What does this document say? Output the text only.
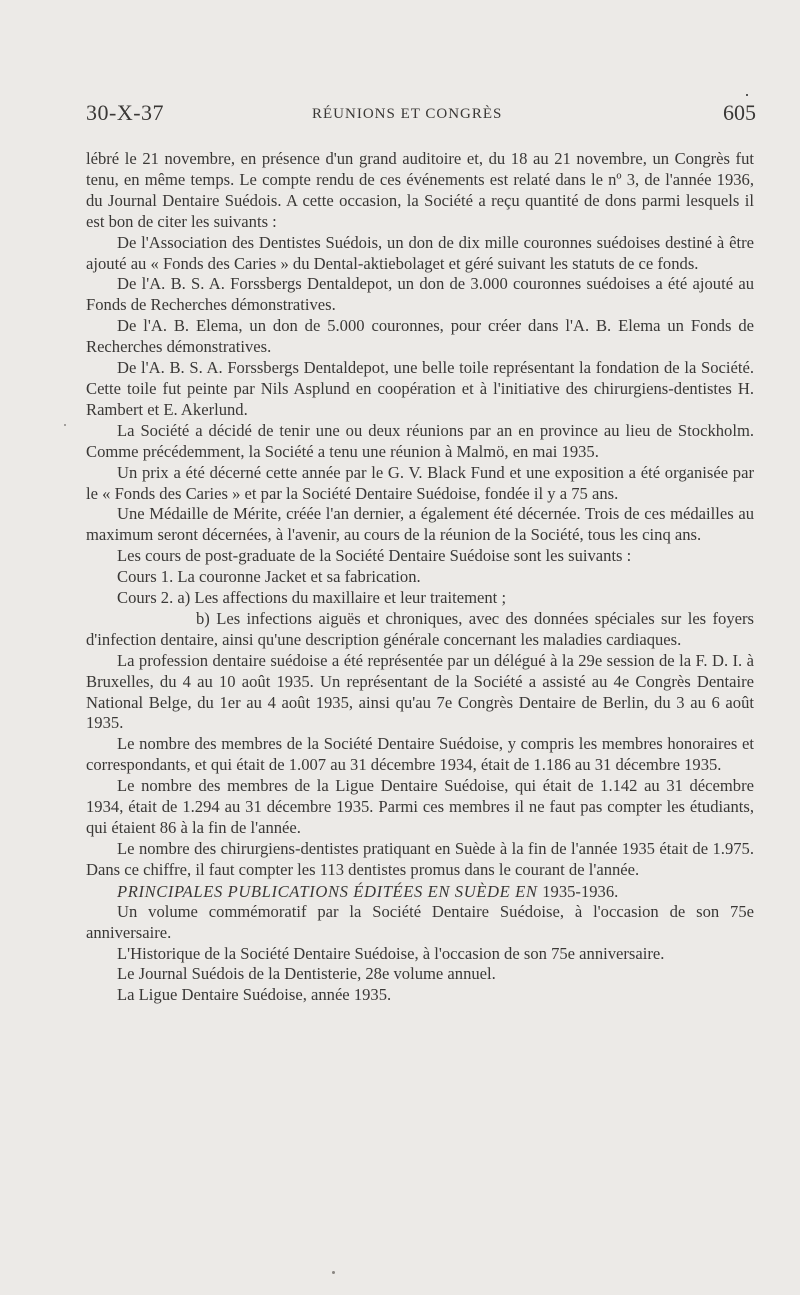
30-X-37	RÉUNIONS ET CONGRÈS	605

lébré le 21 novembre, en présence d'un grand auditoire et, du 18 au 21 novembre, un Congrès fut tenu, en même temps. Le compte rendu de ces événements est relaté dans le nº 3, de l'année 1936, du Journal Dentaire Suédois. A cette occasion, la Société a reçu quantité de dons parmi lesquels il est bon de citer les suivants :

De l'Association des Dentistes Suédois, un don de dix mille couronnes suédoises destiné à être ajouté au « Fonds des Caries » du Dental-aktiebolaget et géré suivant les statuts de ce fonds.

De l'A. B. S. A. Forssbergs Dentaldepot, un don de 3.000 couronnes suédoises a été ajouté au Fonds de Recherches démonstratives.

De l'A. B. Elema, un don de 5.000 couronnes, pour créer dans l'A. B. Elema un Fonds de Recherches démonstratives.

De l'A. B. S. A. Forssbergs Dentaldepot, une belle toile représentant la fondation de la Société. Cette toile fut peinte par Nils Asplund en coopération et à l'initiative des chirurgiens-dentistes H. Rambert et E. Akerlund.

La Société a décidé de tenir une ou deux réunions par an en province au lieu de Stockholm. Comme précédemment, la Société a tenu une réunion à Malmö, en mai 1935.

Un prix a été décerné cette année par le G. V. Black Fund et une exposition a été organisée par le « Fonds des Caries » et par la Société Dentaire Suédoise, fondée il y a 75 ans.

Une Médaille de Mérite, créée l'an dernier, a également été décernée. Trois de ces médailles au maximum seront décernées, à l'avenir, au cours de la réunion de la Société, tous les cinq ans.

Les cours de post-graduate de la Société Dentaire Suédoise sont les suivants :

Cours 1. La couronne Jacket et sa fabrication.

Cours 2. a) Les affections du maxillaire et leur traitement ;

b) Les infections aiguës et chroniques, avec des données spéciales sur les foyers d'infection dentaire, ainsi qu'une description générale concernant les maladies cardiaques.

La profession dentaire suédoise a été représentée par un délégué à la 29e session de la F. D. I. à Bruxelles, du 4 au 10 août 1935. Un représentant de la Société a assisté au 4e Congrès Dentaire National Belge, du 1er au 4 août 1935, ainsi qu'au 7e Congrès Dentaire de Berlin, du 3 au 6 août 1935.

Le nombre des membres de la Société Dentaire Suédoise, y compris les membres honoraires et correspondants, et qui était de 1.007 au 31 décembre 1934, était de 1.186 au 31 décembre 1935.

Le nombre des membres de la Ligue Dentaire Suédoise, qui était de 1.142 au 31 décembre 1934, était de 1.294 au 31 décembre 1935. Parmi ces membres il ne faut pas compter les étudiants, qui étaient 86 à la fin de l'année.

Le nombre des chirurgiens-dentistes pratiquant en Suède à la fin de l'année 1935 était de 1.975. Dans ce chiffre, il faut compter les 113 dentistes promus dans le courant de l'année.

PRINCIPALES PUBLICATIONS ÉDITÉES EN SUÈDE EN 1935-1936.

Un volume commémoratif par la Société Dentaire Suédoise, à l'occasion de son 75e anniversaire.

L'Historique de la Société Dentaire Suédoise, à l'occasion de son 75e anniversaire.

Le Journal Suédois de la Dentisterie, 28e volume annuel.

La Ligue Dentaire Suédoise, année 1935.
